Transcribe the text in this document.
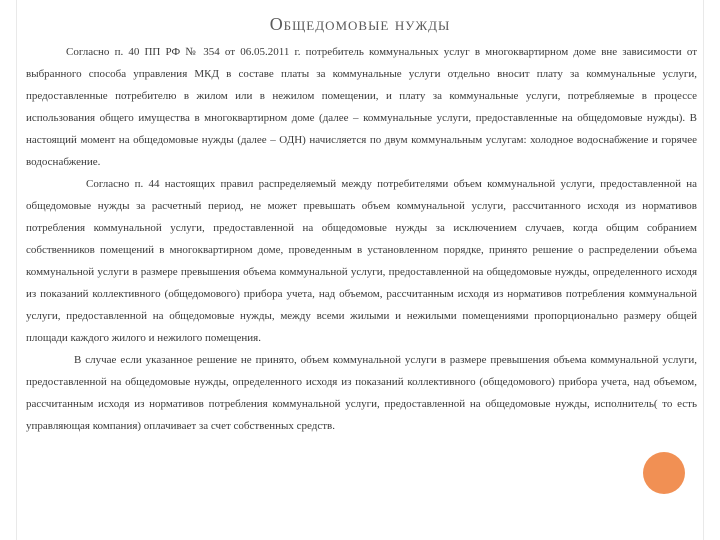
Общедомовые нужды

Согласно п. 40 ПП РФ № 354 от 06.05.2011 г. потребитель коммунальных услуг в многоквартирном доме вне зависимости от выбранного способа управления МКД в составе платы за коммунальные услуги отдельно вносит плату за коммунальные услуги, предоставленные потребителю в жилом или в нежилом помещении, и плату за коммунальные услуги, потребляемые в процессе использования общего имущества в многоквартирном доме (далее – коммунальные услуги, предоставленные на общедомовые нужды). В настоящий момент на общедомовые нужды (далее – ОДН) начисляется по двум коммунальным услугам: холодное водоснабжение и горячее водоснабжение.

Согласно п. 44 настоящих правил распределяемый между потребителями объем коммунальной услуги, предоставленной на общедомовые нужды за расчетный период, не может превышать объем коммунальной услуги, рассчитанного исходя из нормативов потребления коммунальной услуги, предоставленной на общедомовые нужды за исключением случаев, когда общим собранием собственников помещений в многоквартирном доме, проведенным в установленном порядке, принято решение о распределении объема коммунальной услуги в размере превышения объема коммунальной услуги, предоставленной на общедомовые нужды, определенного исходя из показаний коллективного (общедомового) прибора учета, над объемом, рассчитанным исходя из нормативов потребления коммунальной услуги, предоставленной на общедомовые нужды, между всеми жилыми и нежилыми помещениями пропорционально размеру общей площади каждого жилого и нежилого помещения.

В случае если указанное решение не принято, объем коммунальной услуги в размере превышения объема коммунальной услуги, предоставленной на общедомовые нужды, определенного исходя из показаний коллективного (общедомового) прибора учета, над объемом, рассчитанным исходя из нормативов потребления коммунальной услуги, предоставленной на общедомовые нужды, исполнитель( то есть управляющая компания) оплачивает за счет собственных средств.
